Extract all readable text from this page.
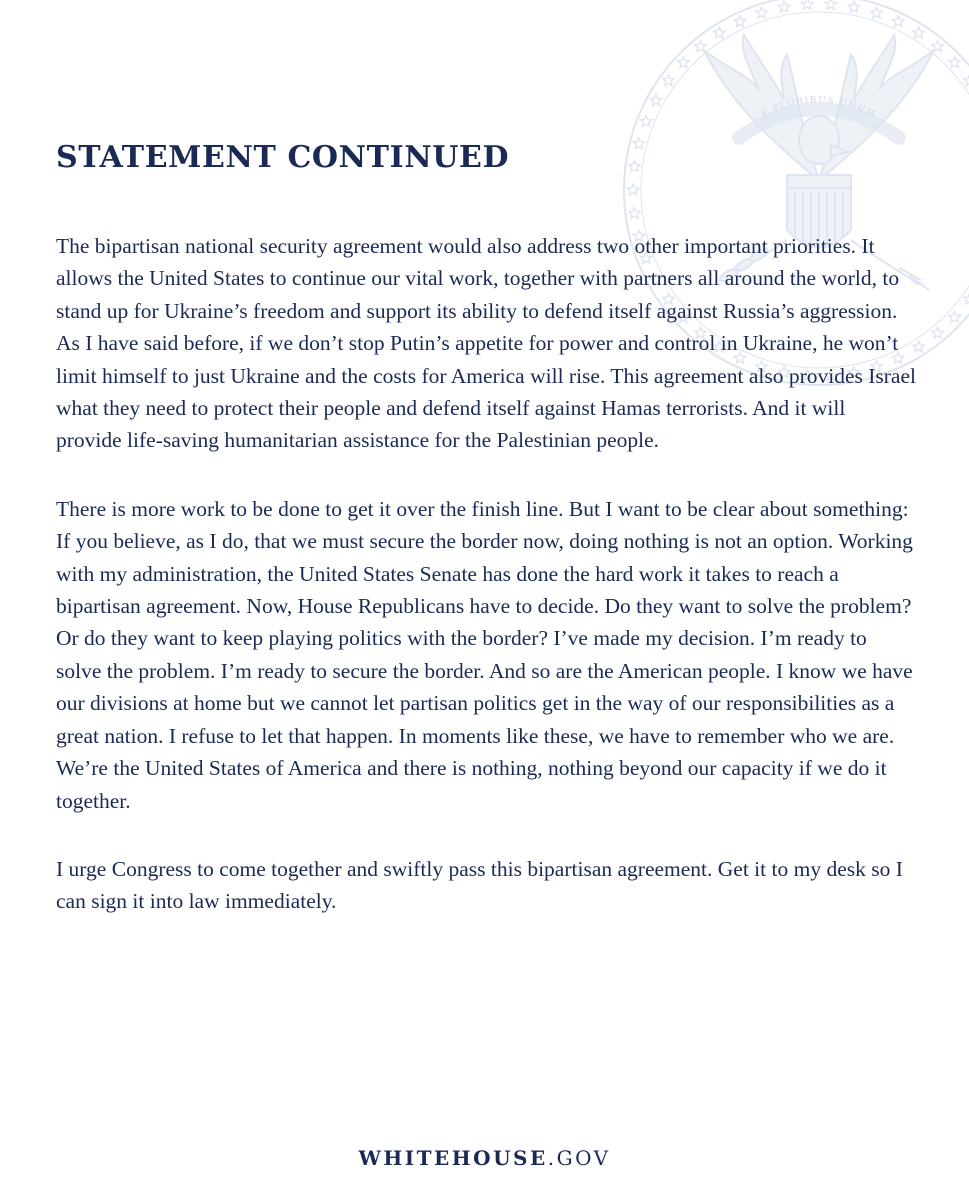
E PLURIBUS UNUM
STATEMENT CONTINUED

The bipartisan national security agreement would also address two other important priorities. It allows the United States to continue our vital work, together with partners all around the world, to stand up for Ukraine’s freedom and support its ability to defend itself against Russia’s aggression. As I have said before, if we don’t stop Putin’s appetite for power and control in Ukraine, he won’t limit himself to just Ukraine and the costs for America will rise. This agreement also provides Israel what they need to protect their people and defend itself against Hamas terrorists. And it will provide life-saving humanitarian assistance for the Palestinian people.

There is more work to be done to get it over the finish line. But I want to be clear about something: If you believe, as I do, that we must secure the border now, doing nothing is not an option. Working with my administration, the United States Senate has done the hard work it takes to reach a bipartisan agreement. Now, House Republicans have to decide. Do they want to solve the problem? Or do they want to keep playing politics with the border? I’ve made my decision. I’m ready to solve the problem. I’m ready to secure the border. And so are the American people. I know we have our divisions at home but we cannot let partisan politics get in the way of our responsibilities as a great nation. I refuse to let that happen. In moments like these, we have to remember who we are. We’re the United States of America and there is nothing, nothing beyond our capacity if we do it together.

I urge Congress to come together and swiftly pass this bipartisan agreement. Get it to my desk so I can sign it into law immediately.

WHITEHOUSE.GOV
